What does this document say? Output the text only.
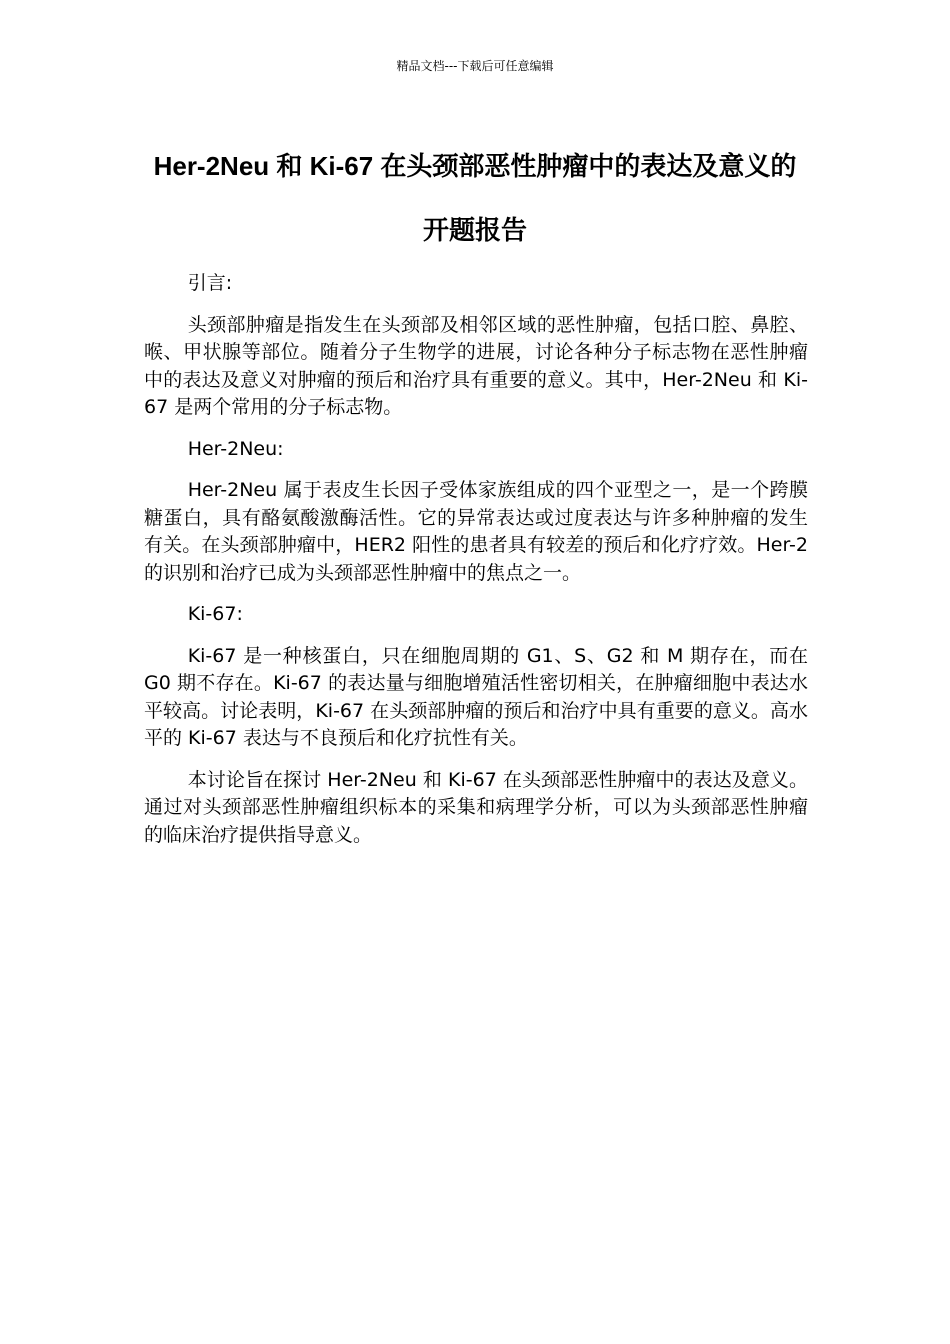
精品文档---下载后可任意编辑
Her-2Neu 和 Ki-67 在头颈部恶性肿瘤中的表达及意义的开题报告

引言:

头颈部肿瘤是指发生在头颈部及相邻区域的恶性肿瘤，包括口腔、鼻腔、喉、甲状腺等部位。随着分子生物学的进展，讨论各种分子标志物在恶性肿瘤中的表达及意义对肿瘤的预后和治疗具有重要的意义。其中，Her-2Neu 和 Ki-67 是两个常用的分子标志物。

Her-2Neu:

Her-2Neu 属于表皮生长因子受体家族组成的四个亚型之一，是一个跨膜糖蛋白，具有酪氨酸激酶活性。它的异常表达或过度表达与许多种肿瘤的发生有关。在头颈部肿瘤中，HER2 阳性的患者具有较差的预后和化疗疗效。Her-2 的识别和治疗已成为头颈部恶性肿瘤中的焦点之一。

Ki-67:

Ki-67 是一种核蛋白，只在细胞周期的 G1、S、G2 和 M 期存在，而在 G0 期不存在。Ki-67 的表达量与细胞增殖活性密切相关，在肿瘤细胞中表达水平较高。讨论表明，Ki-67 在头颈部肿瘤的预后和治疗中具有重要的意义。高水平的 Ki-67 表达与不良预后和化疗抗性有关。

本讨论旨在探讨 Her-2Neu 和 Ki-67 在头颈部恶性肿瘤中的表达及意义。通过对头颈部恶性肿瘤组织标本的采集和病理学分析，可以为头颈部恶性肿瘤的临床治疗提供指导意义。
